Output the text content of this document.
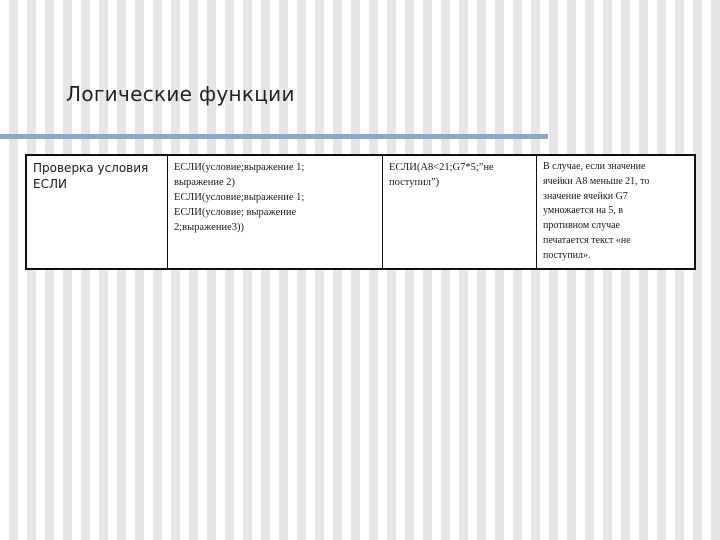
Логические функции
Проверка условия
ЕСЛИ

ЕСЛИ(условие;выражение 1;
выражение 2)
ЕСЛИ(условие;выражение 1;
ЕСЛИ(условие; выражение
2;выражение3))

ЕСЛИ(А8<21;G7*5;”не
поступил”)

В случае, если значение
ячейки А8 меньше 21, то
значение ячейки G7
умножается на 5, в
противном случае
печатается текст «не
поступил».
